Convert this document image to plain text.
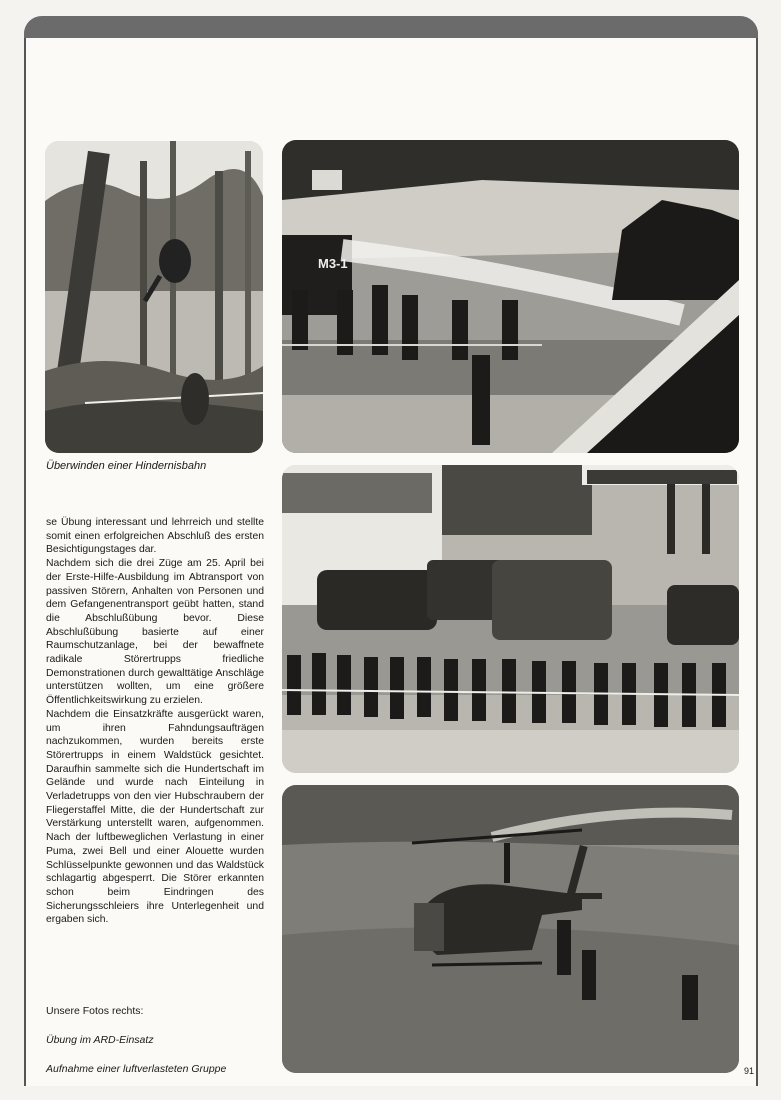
Überwinden einer Hindernisbahn
M3-1

se Übung interessant und lehrreich und stellte somit einen erfolgreichen Abschluß des ersten Besichtigungstages dar.

Nachdem sich die drei Züge am 25. April bei der Erste-Hilfe-Ausbildung im Abtransport von passiven Störern, Anhalten von Personen und dem Gefangenentransport geübt hatten, stand die Abschlußübung bevor. Diese Abschlußübung basierte auf einer Raumschutzanlage, bei der bewaffnete radikale Störertrupps friedliche Demonstrationen durch gewalttätige Anschläge unterstützen wollten, um eine größere Öffentlichkeitswirkung zu erzielen.

Nachdem die Einsatzkräfte ausgerückt waren, um ihren Fahndungsaufträgen nachzukommen, wurden bereits erste Störertrupps in einem Waldstück gesichtet. Daraufhin sammelte sich die Hundertschaft im Gelände und wurde nach Einteilung in Verladetrupps von den vier Hubschraubern der Fliegerstaffel Mitte, die der Hundertschaft zur Verstärkung unterstellt waren, aufgenommen. Nach der luftbeweglichen Verlastung in einer Puma, zwei Bell und einer Alouette wurden Schlüsselpunkte gewonnen und das Waldstück schlagartig abgesperrt. Die Störer erkannten schon beim Eindringen des Sicherungsschleiers ihre Unterlegenheit und ergaben sich.

Unsere Fotos rechts:
Übung im ARD-Einsatz
Aufnahme einer luftverlasteten Gruppe	91
